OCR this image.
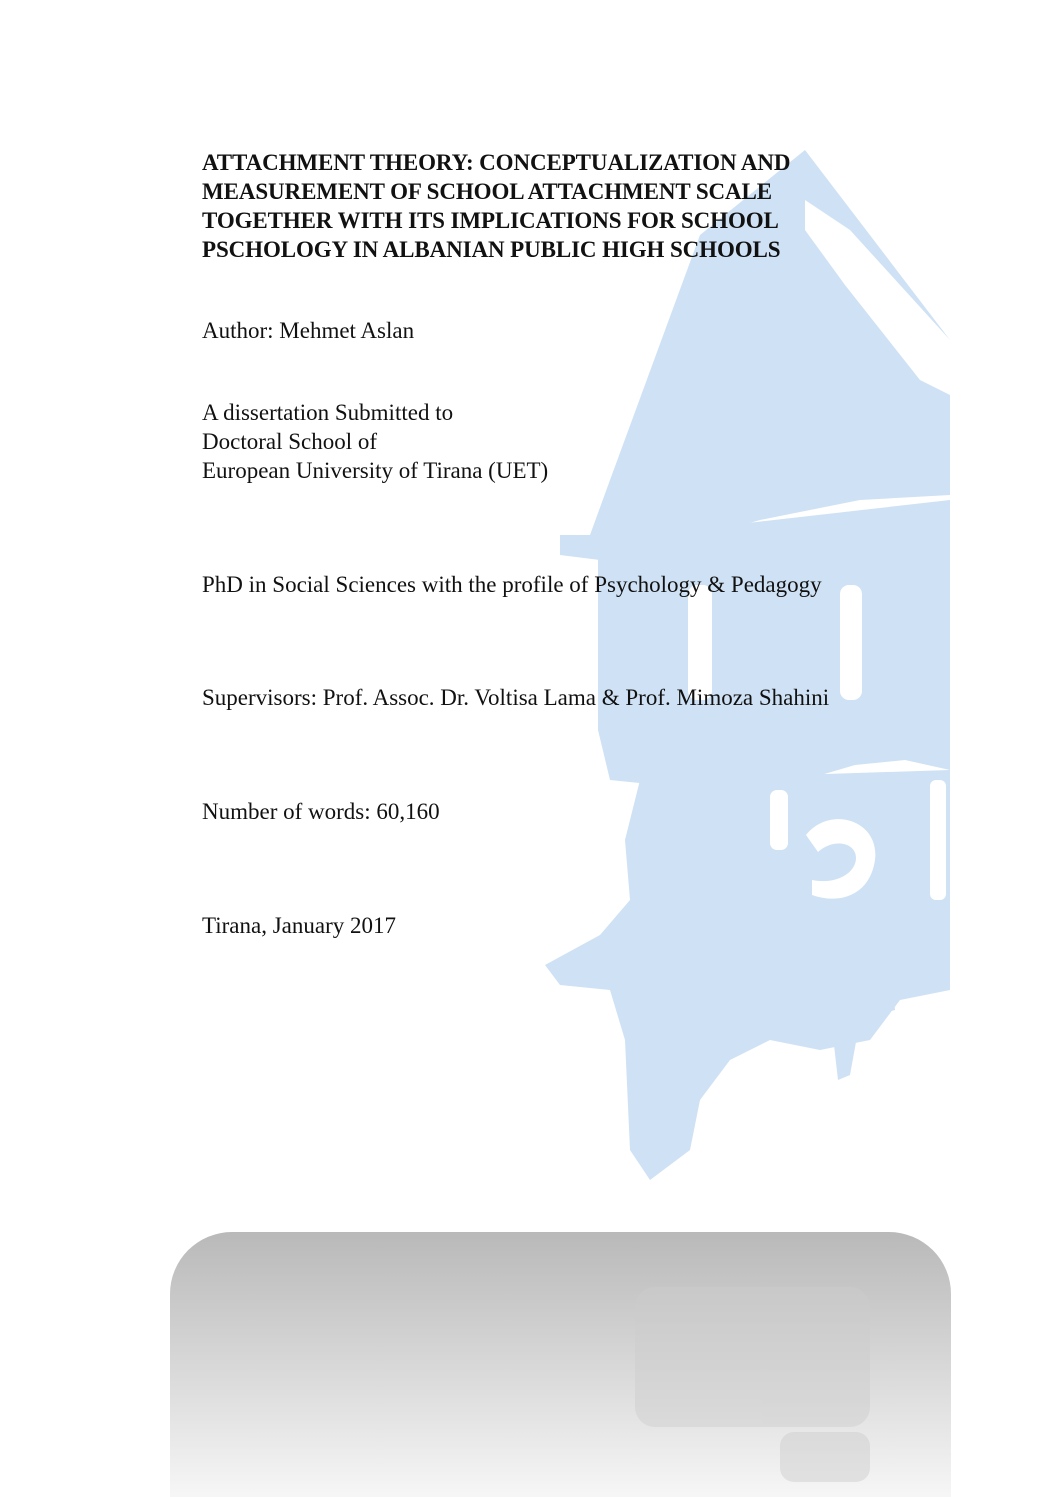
ATTACHMENT THEORY: CONCEPTUALIZATION AND
MEASUREMENT OF SCHOOL ATTACHMENT SCALE
TOGETHER WITH ITS IMPLICATIONS FOR SCHOOL
PSCHOLOGY IN ALBANIAN PUBLIC HIGH SCHOOLS
Author: Mehmet Aslan
A dissertation Submitted to
Doctoral School of
European University of Tirana (UET)
PhD in Social Sciences with the profile of Psychology & Pedagogy
Supervisors: Prof. Assoc. Dr. Voltisa Lama & Prof. Mimoza Shahini
Number of words: 60,160
Tirana, January 2017
